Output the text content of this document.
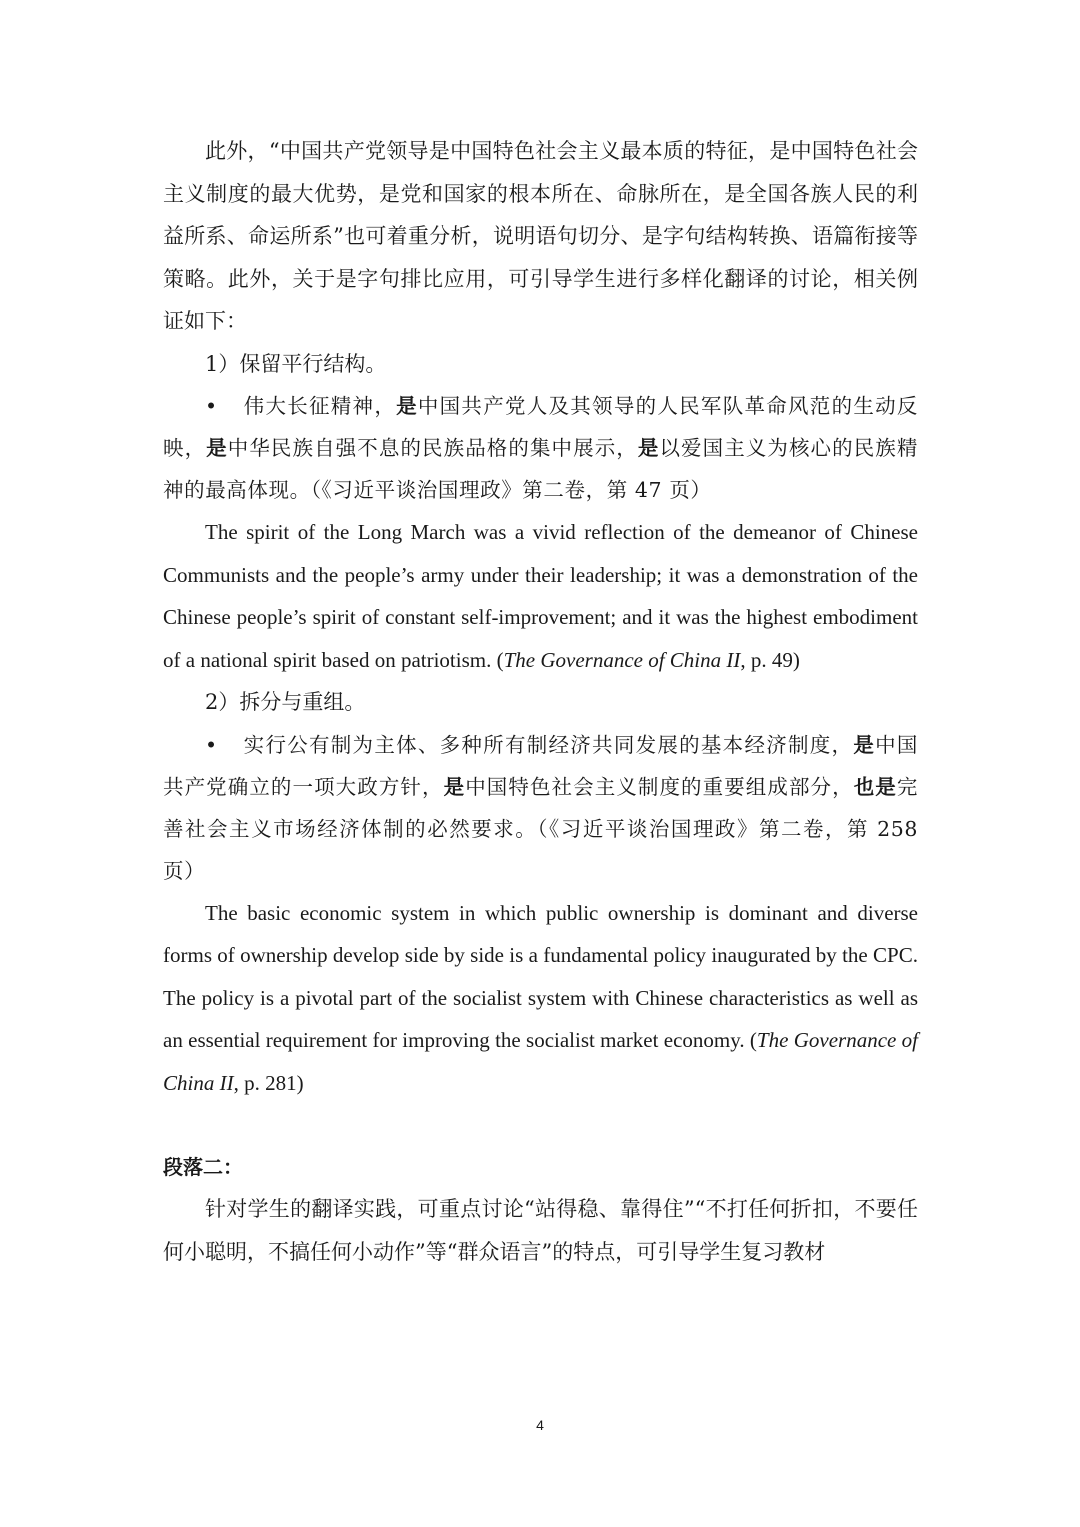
此外，“中国共产党领导是中国特色社会主义最本质的特征，是中国特色社会主义制度的最大优势，是党和国家的根本所在、命脉所在，是全国各族人民的利益所系、命运所系”也可着重分析，说明语句切分、是字句结构转换、语篇衔接等策略。此外，关于是字句排比应用，可引导学生进行多样化翻译的讨论，相关例证如下：

1）保留平行结构。

• 伟大长征精神，是中国共产党人及其领导的人民军队革命风范的生动反映，是中华民族自强不息的民族品格的集中展示，是以爱国主义为核心的民族精神的最高体现。（《习近平谈治国理政》第二卷，第 47 页）

The spirit of the Long March was a vivid reflection of the demeanor of Chinese Communists and the people’s army under their leadership; it was a demonstration of the Chinese people’s spirit of constant self-improvement; and it was the highest embodiment of a national spirit based on patriotism. (The Governance of China II, p. 49)

2）拆分与重组。

• 实行公有制为主体、多种所有制经济共同发展的基本经济制度，是中国共产党确立的一项大政方针，是中国特色社会主义制度的重要组成部分，也是完善社会主义市场经济体制的必然要求。（《习近平谈治国理政》第二卷，第 258 页）

The basic economic system in which public ownership is dominant and diverse forms of ownership develop side by side is a fundamental policy inaugurated by the CPC. The policy is a pivotal part of the socialist system with Chinese characteristics as well as an essential requirement for improving the socialist market economy. (The Governance of China II, p. 281)

段落二：

针对学生的翻译实践，可重点讨论“站得稳、靠得住”“不打任何折扣，不要任何小聪明，不搞任何小动作”等“群众语言”的特点，可引导学生复习教材

4
